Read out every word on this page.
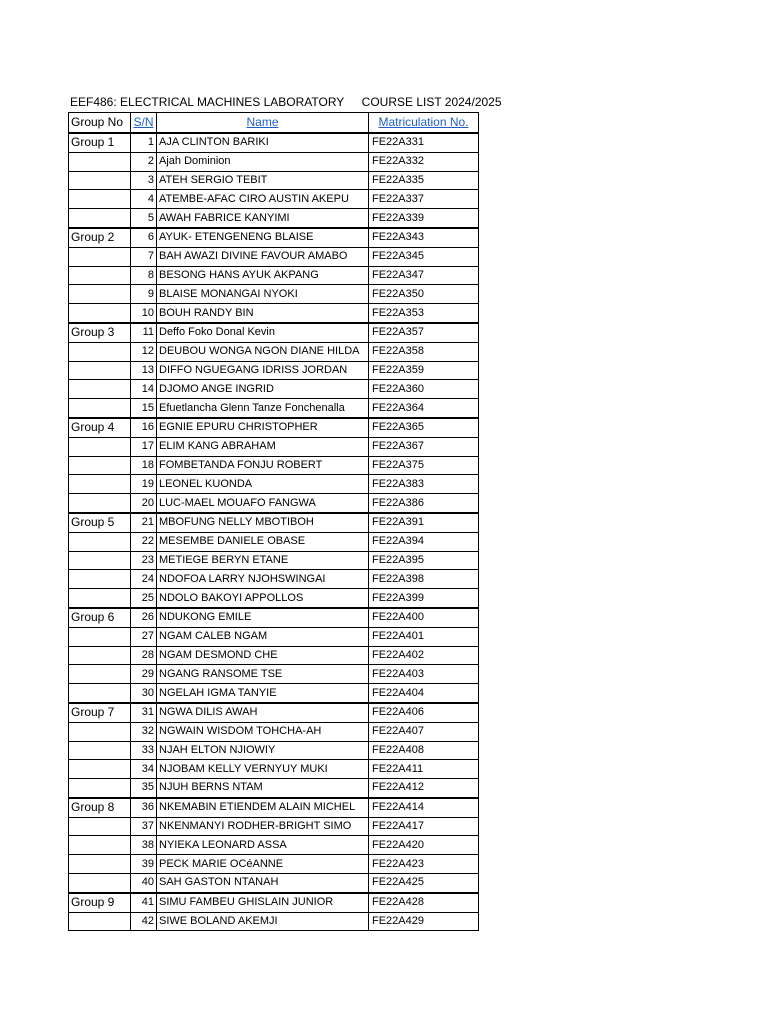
EEF486: ELECTRICAL MACHINES LABORATORY COURSE LIST 2024/2025
Group No	S/N	Name	Matriculation No.
Group 1	1	AJA CLINTON BARIKI	FE22A331
	2	Ajah Dominion	FE22A332
	3	ATEH SERGIO TEBIT	FE22A335
	4	ATEMBE-AFAC CIRO AUSTIN AKEPU	FE22A337
	5	AWAH FABRICE KANYIMI	FE22A339
Group 2	6	AYUK- ETENGENENG BLAISE	FE22A343
	7	BAH AWAZI DIVINE FAVOUR AMABO	FE22A345
	8	BESONG HANS AYUK AKPANG	FE22A347
	9	BLAISE MONANGAI NYOKI	FE22A350
	10	BOUH RANDY BIN	FE22A353
Group 3	11	Deffo Foko Donal Kevin	FE22A357
	12	DEUBOU WONGA NGON DIANE HILDA	FE22A358
	13	DIFFO NGUEGANG IDRISS JORDAN	FE22A359
	14	DJOMO ANGE INGRID	FE22A360
	15	Efuetlancha Glenn Tanze Fonchenalla	FE22A364
Group 4	16	EGNIE EPURU CHRISTOPHER	FE22A365
	17	ELIM KANG ABRAHAM	FE22A367
	18	FOMBETANDA FONJU ROBERT	FE22A375
	19	LEONEL KUONDA	FE22A383
	20	LUC-MAEL MOUAFO FANGWA	FE22A386
Group 5	21	MBOFUNG NELLY MBOTIBOH	FE22A391
	22	MESEMBE DANIELE OBASE	FE22A394
	23	METIEGE BERYN ETANE	FE22A395
	24	NDOFOA LARRY NJOHSWINGAI	FE22A398
	25	NDOLO BAKOYI APPOLLOS	FE22A399
Group 6	26	NDUKONG EMILE	FE22A400
	27	NGAM CALEB NGAM	FE22A401
	28	NGAM DESMOND CHE	FE22A402
	29	NGANG RANSOME TSE	FE22A403
	30	NGELAH IGMA TANYIE	FE22A404
Group 7	31	NGWA DILIS AWAH	FE22A406
	32	NGWAIN WISDOM TOHCHA-AH	FE22A407
	33	NJAH ELTON NJIOWIY	FE22A408
	34	NJOBAM KELLY VERNYUY MUKI	FE22A411
	35	NJUH BERNS NTAM	FE22A412
Group 8	36	NKEMABIN ETIENDEM ALAIN MICHEL	FE22A414
	37	NKENMANYI RODHER-BRIGHT SIMO	FE22A417
	38	NYIEKA LEONARD ASSA	FE22A420
	39	PECK MARIE OCéANNE	FE22A423
	40	SAH GASTON NTANAH	FE22A425
Group 9	41	SIMU FAMBEU GHISLAIN JUNIOR	FE22A428
	42	SIWE BOLAND AKEMJI	FE22A429
